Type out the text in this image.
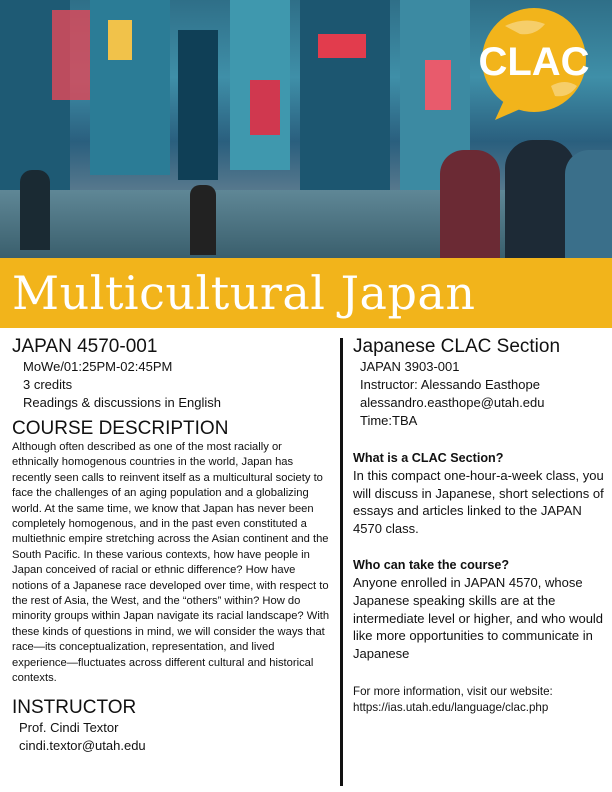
CLAC
Multicultural Japan
JAPAN 4570-001
MoWe/01:25PM-02:45PM
3 credits
Readings & discussions in English
COURSE DESCRIPTION

Although often described as one of the most racially or ethnically homogenous countries in the world, Japan has recently seen calls to reinvent itself as a multicultural society to face the challenges of an aging population and a globalizing world. At the same time, we know that Japan has never been completely homogenous, and in the past even constituted a multiethnic empire stretching across the Asian continent and the South Pacific. In these various contexts, how have people in Japan conceived of racial or ethnic difference? How have notions of a Japanese race developed over time, with respect to the rest of Asia, the West, and the “others” within? How do minority groups within Japan navigate its racial landscape? With these kinds of questions in mind, we will consider the ways that race—its conceptualization, representation, and lived experience—fluctuates across different cultural and historical contexts.

INSTRUCTOR
Prof. Cindi Textor
cindi.textor@utah.edu
Japanese CLAC Section
JAPAN 3903-001
Instructor: Alessando Easthope
alessandro.easthope@utah.edu
Time:TBA

What is a CLAC Section?

In this compact one-hour-a-week class, you will discuss in Japanese, short selections of essays and articles linked to the JAPAN 4570 class.

Who can take the course?

Anyone enrolled in JAPAN 4570, whose Japanese speaking skills are at the intermediate level or higher, and who would like more opportunities to communicate in Japanese

For more information, visit our website:

https://ias.utah.edu/language/clac.php
